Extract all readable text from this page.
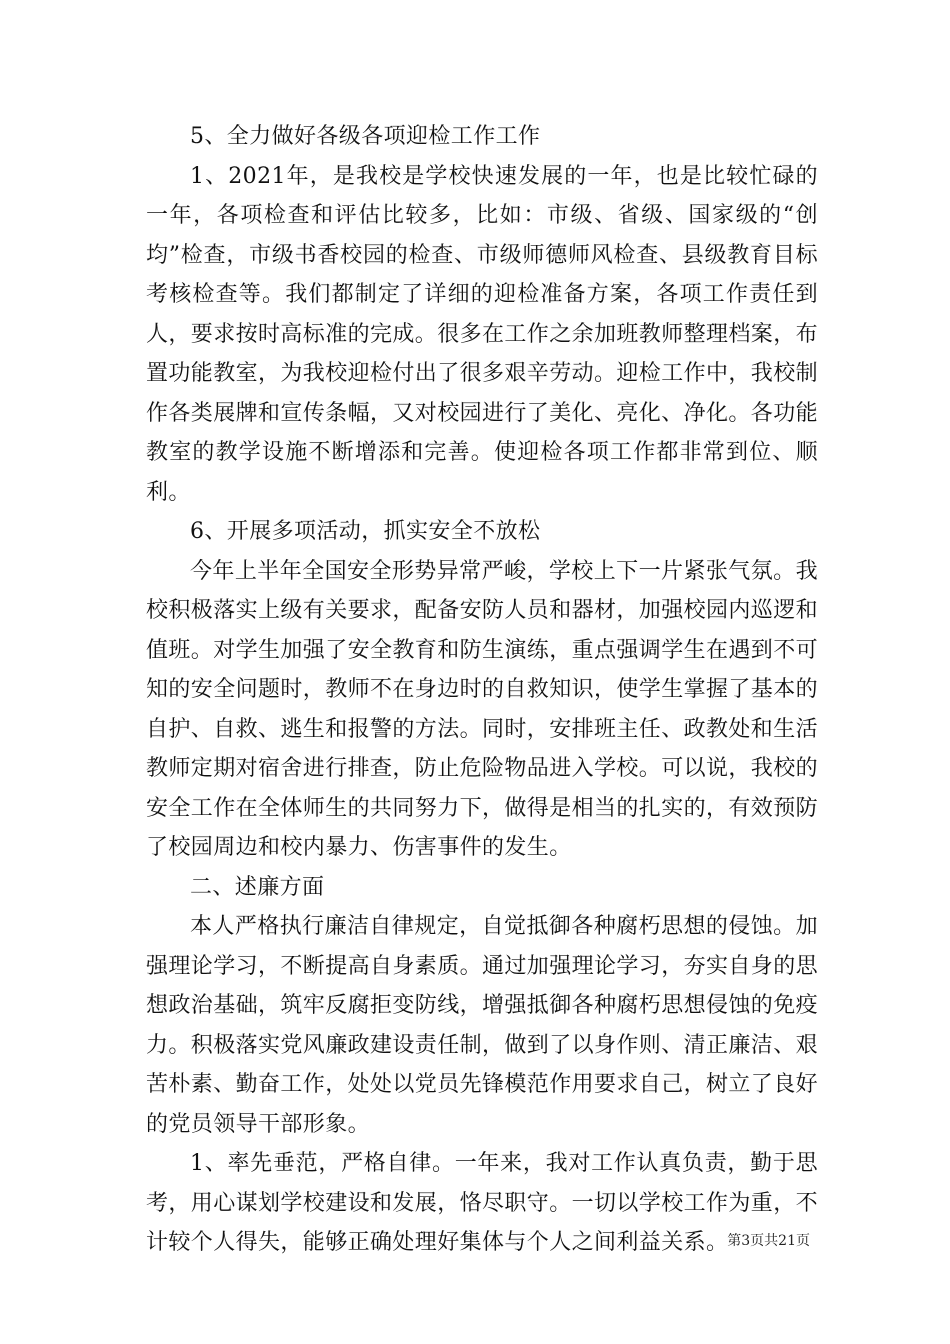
5、全力做好各级各项迎检工作工作

1、2021年，是我校是学校快速发展的一年，也是比较忙碌的一年，各项检查和评估比较多，比如：市级、省级、国家级的“创均”检查，市级书香校园的检查、市级师德师风检查、县级教育目标考核检查等。我们都制定了详细的迎检准备方案，各项工作责任到人，要求按时高标准的完成。很多在工作之余加班教师整理档案，布置功能教室，为我校迎检付出了很多艰辛劳动。迎检工作中，我校制作各类展牌和宣传条幅，又对校园进行了美化、亮化、净化。各功能教室的教学设施不断增添和完善。使迎检各项工作都非常到位、顺利。

6、开展多项活动，抓实安全不放松

今年上半年全国安全形势异常严峻，学校上下一片紧张气氛。我校积极落实上级有关要求，配备安防人员和器材，加强校园内巡逻和值班。对学生加强了安全教育和防生演练，重点强调学生在遇到不可知的安全问题时，教师不在身边时的自救知识，使学生掌握了基本的自护、自救、逃生和报警的方法。同时，安排班主任、政教处和生活教师定期对宿舍进行排查，防止危险物品进入学校。可以说，我校的安全工作在全体师生的共同努力下，做得是相当的扎实的，有效预防了校园周边和校内暴力、伤害事件的发生。

二、述廉方面

本人严格执行廉洁自律规定，自觉抵御各种腐朽思想的侵蚀。加强理论学习，不断提高自身素质。通过加强理论学习，夯实自身的思想政治基础，筑牢反腐拒变防线，增强抵御各种腐朽思想侵蚀的免疫力。积极落实党风廉政建设责任制，做到了以身作则、清正廉洁、艰苦朴素、勤奋工作，处处以党员先锋模范作用要求自己，树立了良好的党员领导干部形象。

1、率先垂范，严格自律。一年来，我对工作认真负责，勤于思考，用心谋划学校建设和发展，恪尽职守。一切以学校工作为重，不计较个人得失，能够正确处理好集体与个人之间利益关系。

第3页共21页
